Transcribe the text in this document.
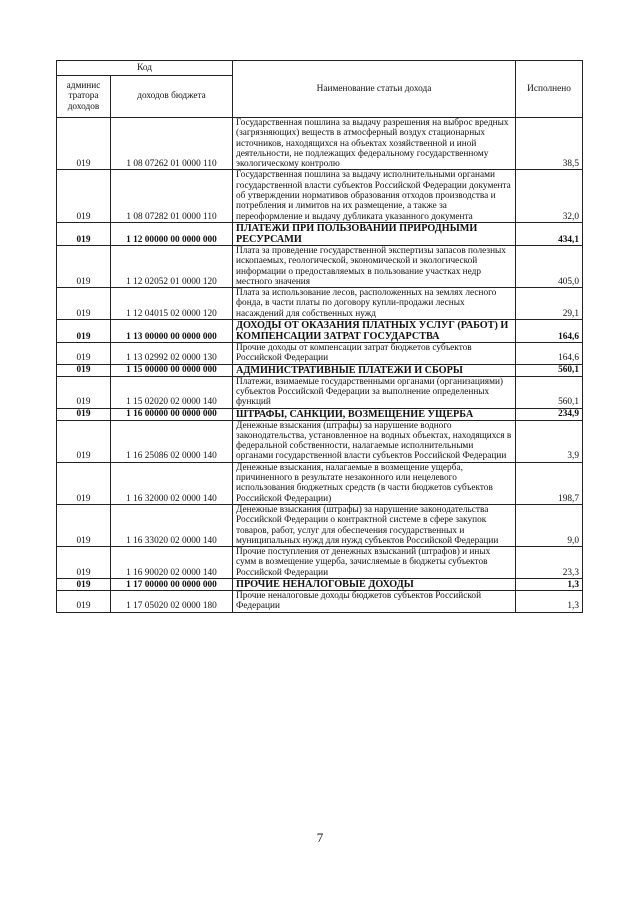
Код		Наименование статьи дохода	Исполнено
админис тратора доходов	доходов бюджета		
019	1 08 07262 01 0000 110	Государственная пошлина за выдачу разрешения на выброс вредных (загрязняющих) веществ в атмосферный воздух стационарных источников, находящихся на объектах хозяйственной и иной деятельности, не подлежащих федеральному государственному экологическому контролю	38,5
019	1 08 07282 01 0000 110	Государственная пошлина за выдачу исполнительными органами государственной власти субъектов Российской Федерации документа об утверждении нормативов образования отходов производства и потребления и лимитов на их размещение, а также за переоформление и выдачу дубликата указанного документа	32,0
019	1 12 00000 00 0000 000	ПЛАТЕЖИ ПРИ ПОЛЬЗОВАНИИ ПРИРОДНЫМИ РЕСУРСАМИ	434,1
019	1 12 02052 01 0000 120	Плата за проведение государственной экспертизы запасов полезных ископаемых, геологической, экономической и экологической информации о предоставляемых в пользование участках недр местного значения	405,0
019	1 12 04015 02 0000 120	Плата за использование лесов, расположенных на землях лесного фонда, в части платы по договору купли-продажи лесных насаждений для собственных нужд	29,1
019	1 13 00000 00 0000 000	ДОХОДЫ ОТ ОКАЗАНИЯ ПЛАТНЫХ УСЛУГ (РАБОТ) И КОМПЕНСАЦИИ ЗАТРАТ ГОСУДАРСТВА	164,6
019	1 13 02992 02 0000 130	Прочие доходы от компенсации затрат бюджетов субъектов Российской Федерации	164,6
019	1 15 00000 00 0000 000	АДМИНИСТРАТИВНЫЕ ПЛАТЕЖИ И СБОРЫ	560,1
019	1 15 02020 02 0000 140	Платежи, взимаемые государственными органами (организациями) субъектов Российской Федерации за выполнение определенных функций	560,1
019	1 16 00000 00 0000 000	ШТРАФЫ, САНКЦИИ, ВОЗМЕЩЕНИЕ УЩЕРБА	234,9
019	1 16 25086 02 0000 140	Денежные взыскания (штрафы) за нарушение водного законодательства, установленное на водных объектах, находящихся в федеральной собственности, налагаемые исполнительными органами государственной власти субъектов Российской Федерации	3,9
019	1 16 32000 02 0000 140	Денежные взыскания, налагаемые в возмещение ущерба, причиненного в результате незаконного или нецелевого использования бюджетных средств (в части бюджетов субъектов Российской Федерации)	198,7
019	1 16 33020 02 0000 140	Денежные взыскания (штрафы) за нарушение законодательства Российской Федерации о контрактной системе в сфере закупок товаров, работ, услуг для обеспечения государственных и муниципальных нужд для нужд субъектов Российской Федерации	9,0
019	1 16 90020 02 0000 140	Прочие поступления от денежных взысканий (штрафов) и иных сумм в возмещение ущерба, зачисляемые в бюджеты субъектов Российской Федерации	23,3
019	1 17 00000 00 0000 000	ПРОЧИЕ НЕНАЛОГОВЫЕ ДОХОДЫ	1,3
019	1 17 05020 02 0000 180	Прочие неналоговые доходы бюджетов субъектов Российской Федерации	1,3
7
